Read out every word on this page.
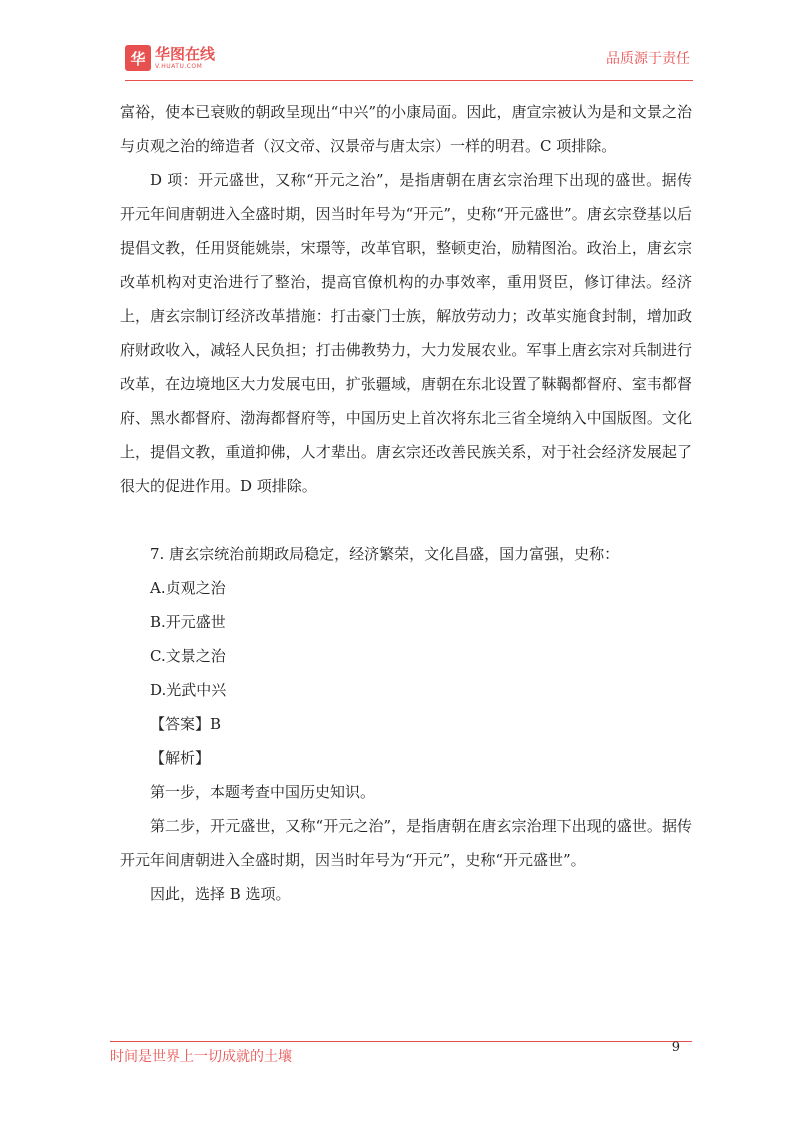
华 华图在线
V.HUATU.COM	品质源于责任

富裕，使本已衰败的朝政呈现出“中兴”的小康局面。因此，唐宣宗被认为是和文景之治与贞观之治的缔造者（汉文帝、汉景帝与唐太宗）一样的明君。C 项排除。

D 项：开元盛世，又称“开元之治”，是指唐朝在唐玄宗治理下出现的盛世。据传开元年间唐朝进入全盛时期，因当时年号为“开元”，史称“开元盛世”。唐玄宗登基以后提倡文教，任用贤能姚崇，宋璟等，改革官职，整顿吏治，励精图治。政治上，唐玄宗改革机构对吏治进行了整治，提高官僚机构的办事效率，重用贤臣，修订律法。经济上，唐玄宗制订经济改革措施：打击豪门士族，解放劳动力；改革实施食封制，增加政府财政收入，减轻人民负担；打击佛教势力，大力发展农业。军事上唐玄宗对兵制进行改革，在边境地区大力发展屯田，扩张疆域，唐朝在东北设置了靺鞨都督府、室韦都督府、黑水都督府、渤海都督府等，中国历史上首次将东北三省全境纳入中国版图。文化上，提倡文教，重道抑佛，人才辈出。唐玄宗还改善民族关系，对于社会经济发展起了很大的促进作用。D 项排除。

7. 唐玄宗统治前期政局稳定，经济繁荣，文化昌盛，国力富强，史称：

A.贞观之治

B.开元盛世

C.文景之治

D.光武中兴

【答案】B

【解析】

第一步，本题考查中国历史知识。

第二步，开元盛世，又称“开元之治”，是指唐朝在唐玄宗治理下出现的盛世。据传开元年间唐朝进入全盛时期，因当时年号为“开元”，史称“开元盛世”。

因此，选择 B 选项。

时间是世界上一切成就的土壤
9
